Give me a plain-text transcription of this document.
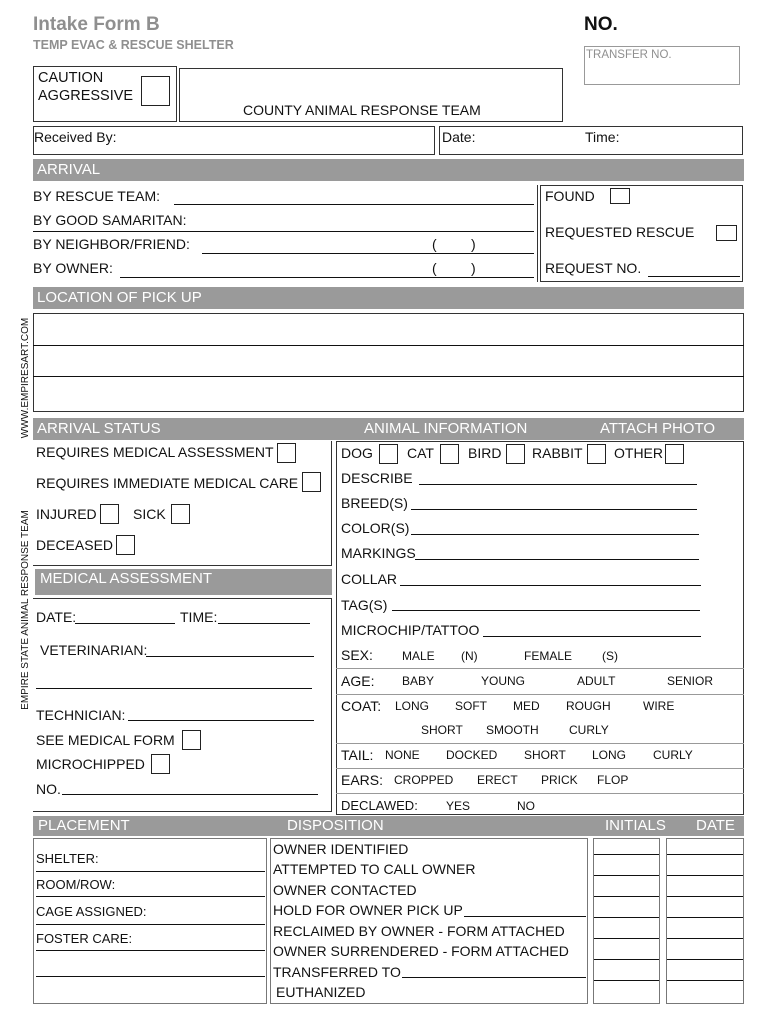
Intake Form B
TEMP EVAC & RESCUE SHELTER
NO.
TRANSFER NO.
CAUTION
AGGRESSIVE
COUNTY ANIMAL RESPONSE TEAM
Received By:	Date:	Time:
ARRIVAL
BY RESCUE TEAM:
BY GOOD SAMARITAN:
BY NEIGHBOR/FRIEND:	( )
BY OWNER:	( )
FOUND
REQUESTED RESCUE
REQUEST NO.
LOCATION OF PICK UP
WWW.EMPIRESART.COM
EMPIRE STATE ANIMAL RESPONSE TEAM
ARRIVAL STATUS	ANIMAL INFORMATION	ATTACH PHOTO
REQUIRES MEDICAL ASSESSMENT
REQUIRES IMMEDIATE MEDICAL CARE
INJURED	SICK
DECEASED
MEDICAL ASSESSMENT
DATE:	TIME:
VETERINARIAN:
TECHNICIAN:
SEE MEDICAL FORM
MICROCHIPPED
NO.
DOG CAT BIRD RABBIT OTHER
DESCRIBE
BREED(S)
COLOR(S)
MARKINGS
COLLAR
TAG(S)
MICROCHIP/TATTOO
SEX: MALE (N)	FEMALE (S)
AGE: BABY	YOUNG	ADULT	SENIOR
COAT: LONG SOFT MED ROUGH	WIRE
SHORT SMOOTH	CURLY
TAIL: NONE DOCKED SHORT LONG CURLY
EARS: CROPPED ERECT PRICK FLOP
DECLAWED: YES	NO
PLACEMENT	DISPOSITION	INITIALS DATE
SHELTER:
ROOM/ROW:
CAGE ASSIGNED:
FOSTER CARE:
OWNER IDENTIFIED
ATTEMPTED TO CALL OWNER
OWNER CONTACTED
HOLD FOR OWNER PICK UP
RECLAIMED BY OWNER - FORM ATTACHED
OWNER SURRENDERED - FORM ATTACHED
TRANSFERRED TO
EUTHANIZED
